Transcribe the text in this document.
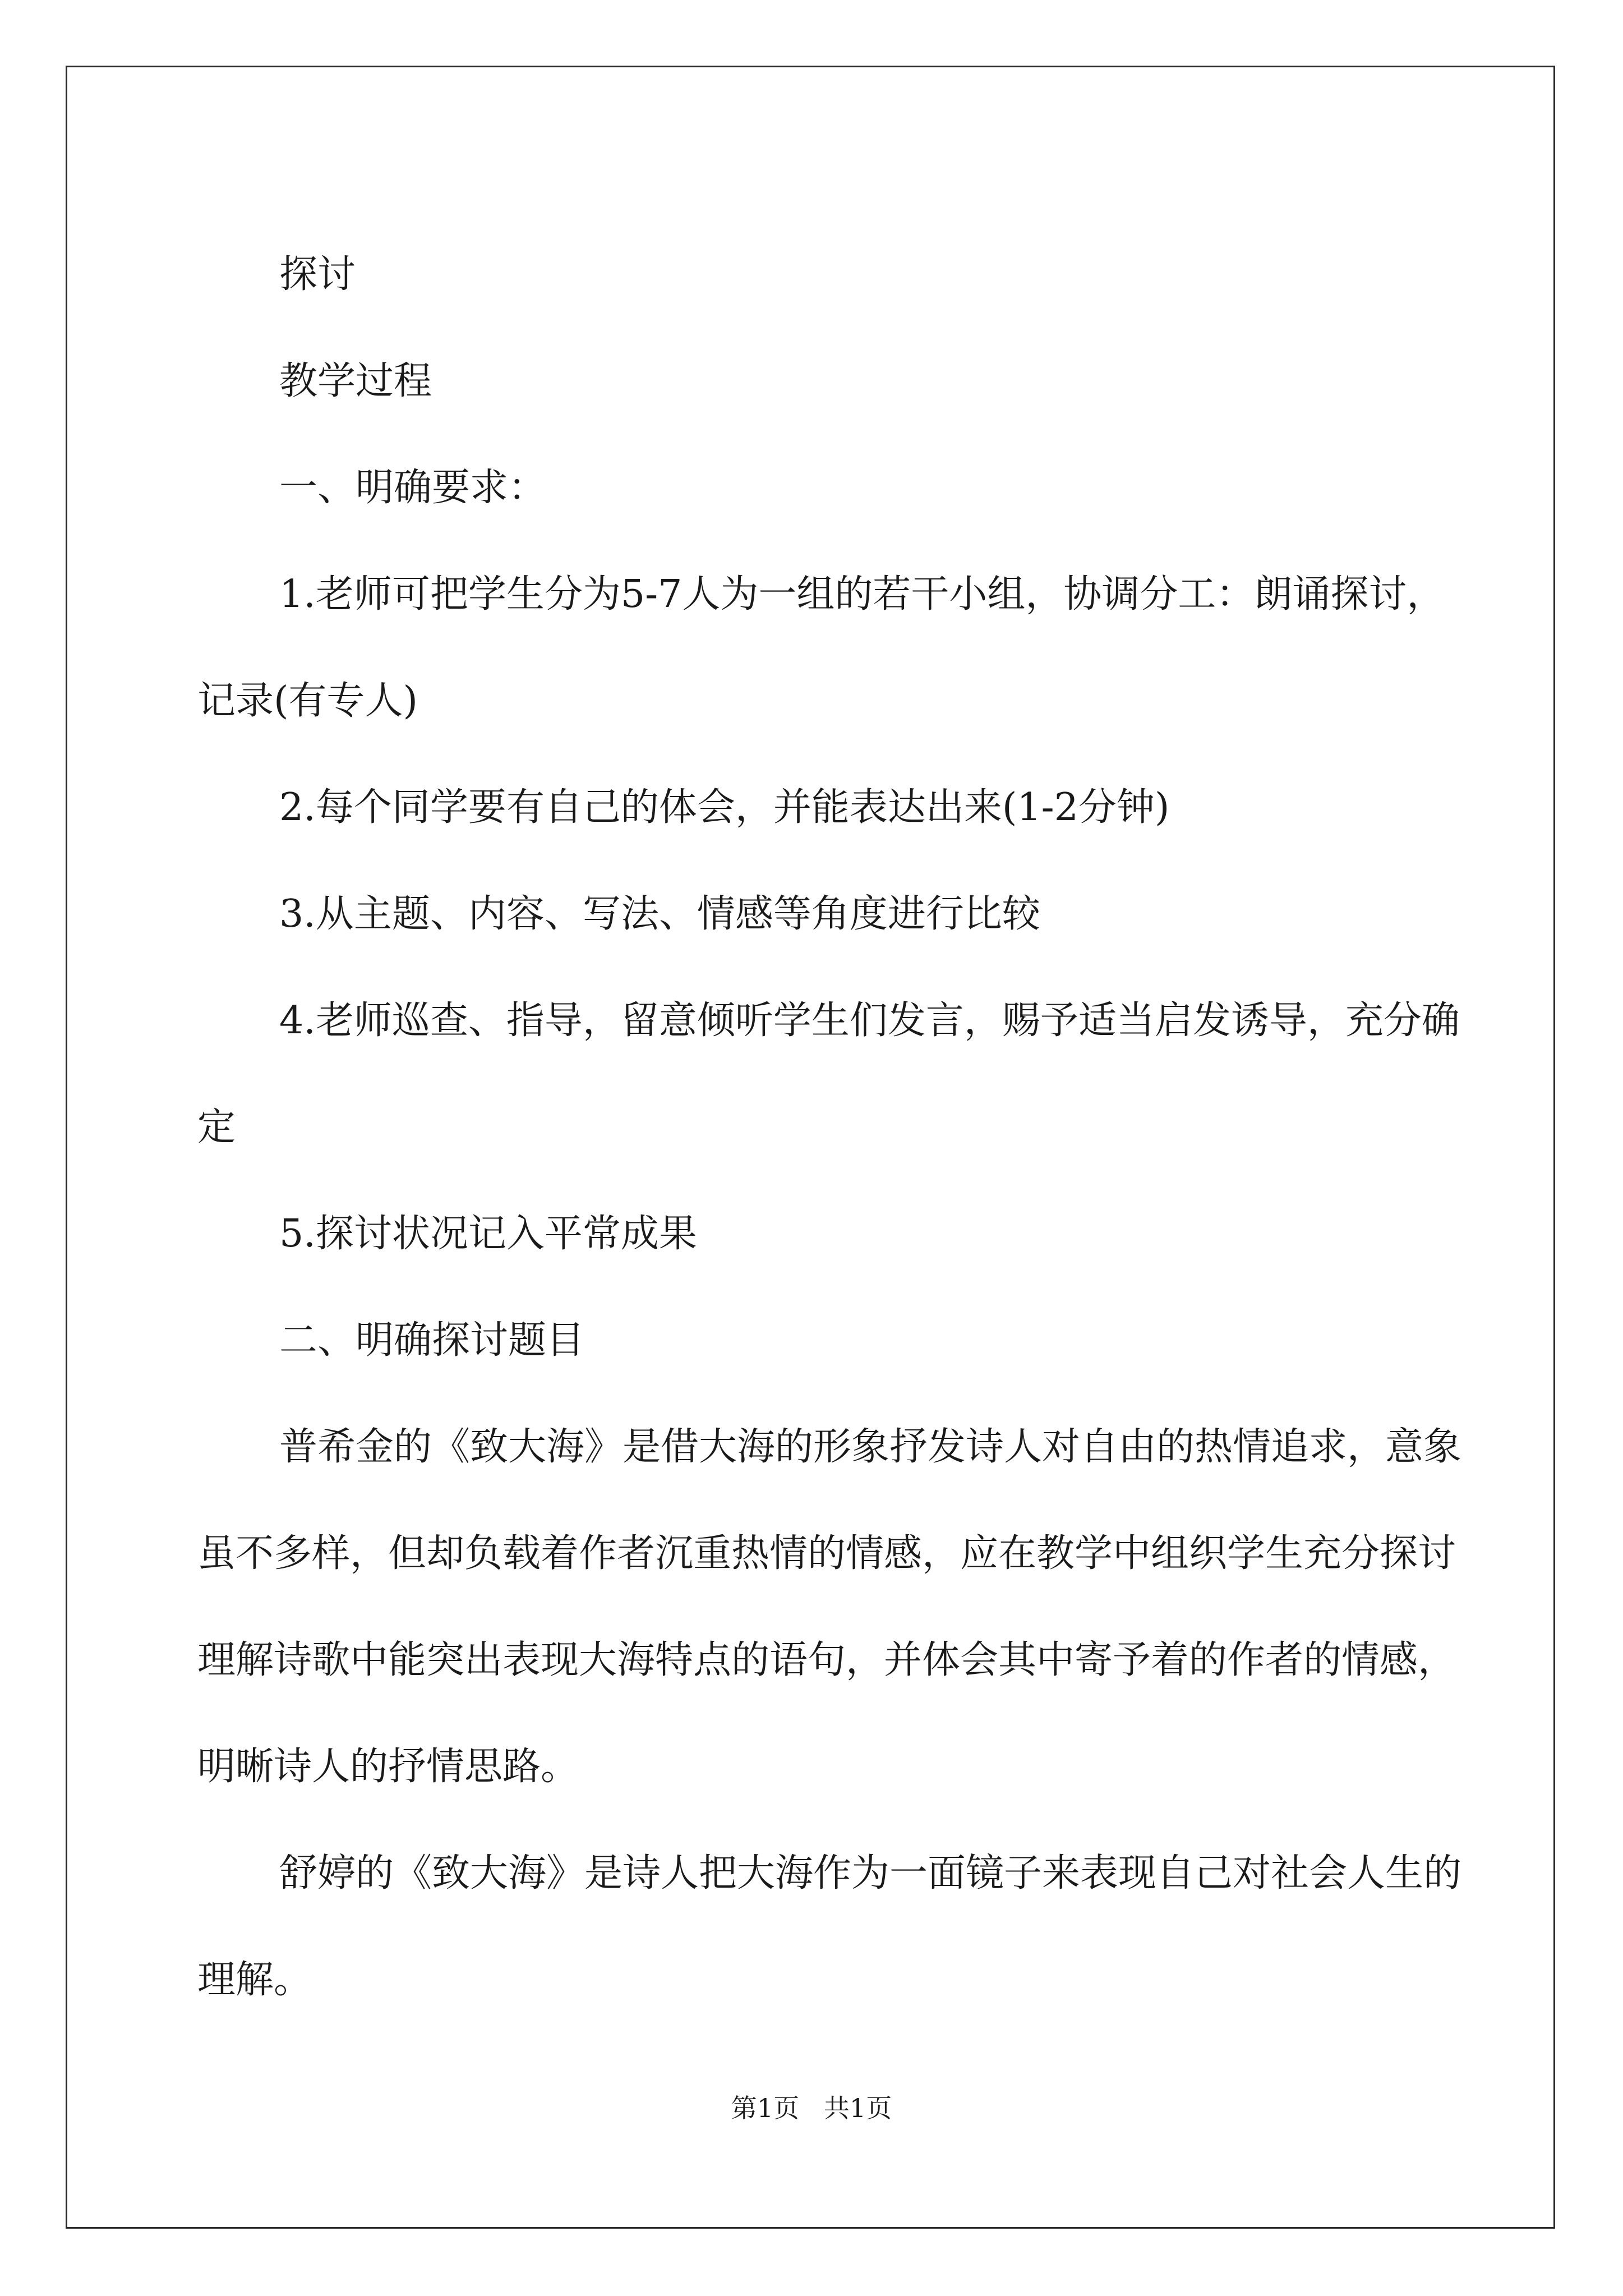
探讨

教学过程

一、明确要求：

1.老师可把学生分为5-7人为一组的若干小组，协调分工：朗诵探讨，记录(有专人)

2.每个同学要有自己的体会，并能表达出来(1-2分钟)

3.从主题、内容、写法、情感等角度进行比较

4.老师巡查、指导，留意倾听学生们发言，赐予适当启发诱导，充分确定

5.探讨状况记入平常成果

二、明确探讨题目

普希金的《致大海》是借大海的形象抒发诗人对自由的热情追求，意象虽不多样，但却负载着作者沉重热情的情感，应在教学中组织学生充分探讨理解诗歌中能突出表现大海特点的语句，并体会其中寄予着的作者的情感，明晰诗人的抒情思路。

舒婷的《致大海》是诗人把大海作为一面镜子来表现自己对社会人生的理解。

第1页   共1页
